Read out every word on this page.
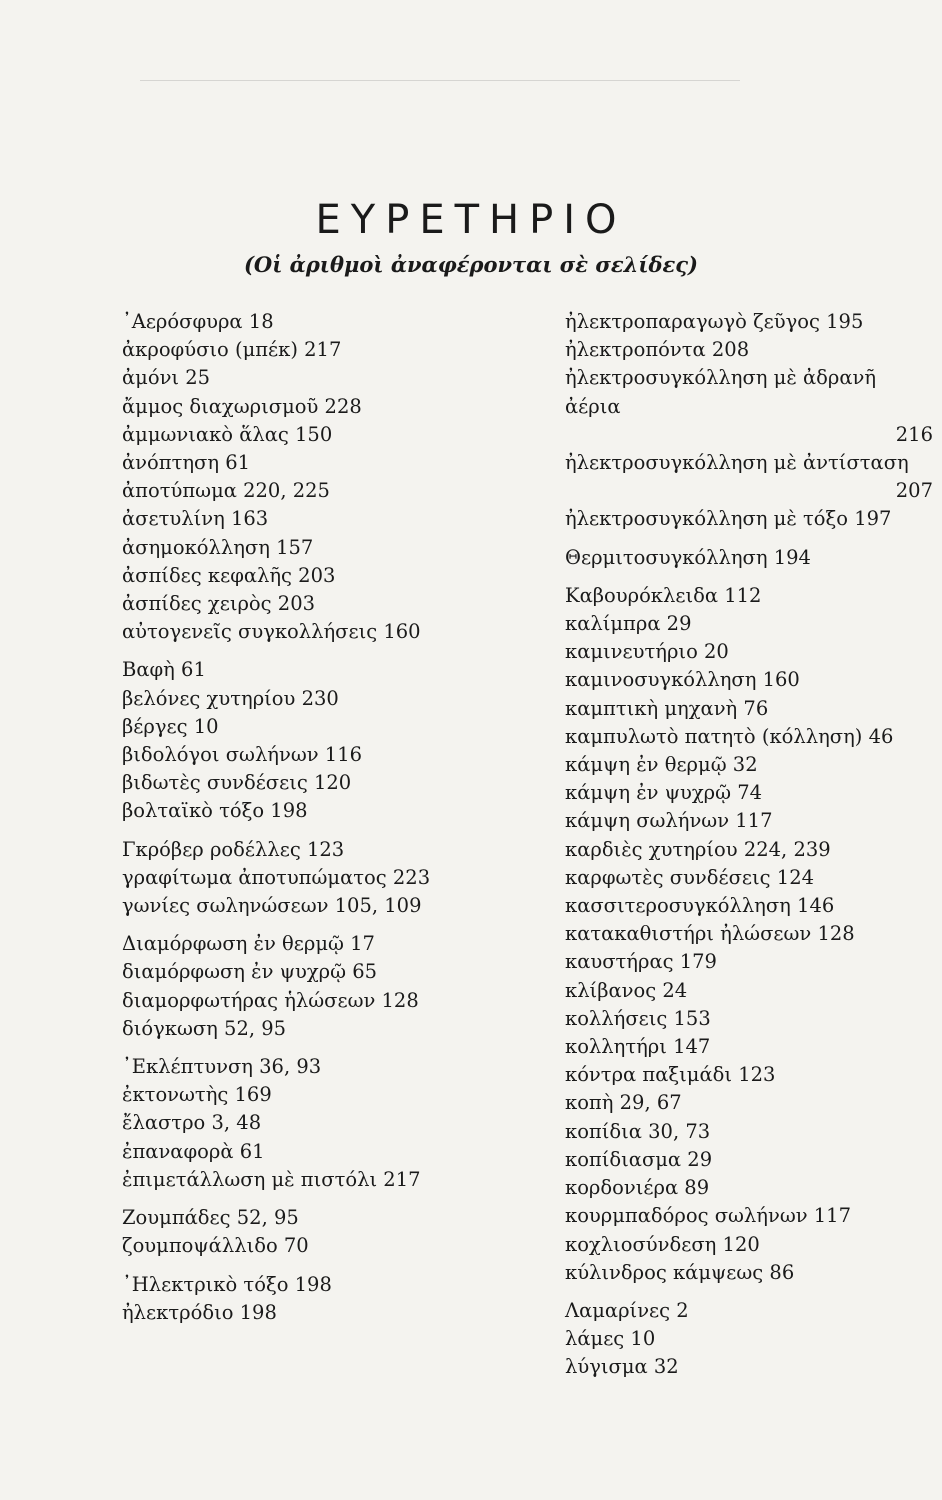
ΕΥΡΕΤΗΡΙΟ
(Οἱ ἀριθμοὶ ἀναφέρονται σὲ σελίδες)
᾿Αερόσφυρα 18
ἀκροφύσιο (μπέκ) 217
ἀμόνι 25
ἄμμος διαχωρισμοῦ 228
ἀμμωνιακὸ ἅλας 150
ἀνόπτηση 61
ἀποτύπωμα 220, 225
ἀσετυλίνη 163
ἀσημοκόλληση 157
ἀσπίδες κεφαλῆς 203
ἀσπίδες χειρὸς 203
αὐτογενεῖς συγκολλήσεις 160
Βαφὴ 61
βελόνες χυτηρίου 230
βέργες 10
βιδολόγοι σωλήνων 116
βιδωτὲς συνδέσεις 120
βολταϊκὸ τόξο 198
Γκρόβερ ροδέλλες 123
γραφίτωμα ἀποτυπώματος 223
γωνίες σωληνώσεων 105, 109
Διαμόρφωση ἐν θερμῷ 17
διαμόρφωση ἐν ψυχρῷ 65
διαμορφωτήρας ἡλώσεων 128
διόγκωση 52, 95
᾿Εκλέπτυνση 36, 93
ἐκτονωτὴς 169
ἔλαστρο 3, 48
ἐπαναφορὰ 61
ἐπιμετάλλωση μὲ πιστόλι 217
Ζουμπάδες 52, 95
ζουμποψάλλιδο 70
᾿Ηλεκτρικὸ τόξο 198
ἠλεκτρόδιο 198
ἠλεκτροπαραγωγὸ ζεῦγος 195
ἠλεκτροπόντα 208
ἠλεκτροσυγκόλληση μὲ ἀδρανῆ ἀέρια
216
ἠλεκτροσυγκόλληση μὲ ἀντίσταση
207
ἠλεκτροσυγκόλληση μὲ τόξο 197
Θερμιτοσυγκόλληση 194
Καβουρόκλειδα 112
καλίμπρα 29
καμινευτήριο 20
καμινοσυγκόλληση 160
καμπτικὴ μηχανὴ 76
καμπυλωτὸ πατητὸ (κόλληση) 46
κάμψη ἐν θερμῷ 32
κάμψη ἐν ψυχρῷ 74
κάμψη σωλήνων 117
καρδιὲς χυτηρίου 224, 239
καρφωτὲς συνδέσεις 124
κασσιτεροσυγκόλληση 146
κατακαθιστήρι ἠλώσεων 128
καυστήρας 179
κλίβανος 24
κολλήσεις 153
κολλητήρι 147
κόντρα παξιμάδι 123
κοπὴ 29, 67
κοπίδια 30, 73
κοπίδιασμα 29
κορδονιέρα 89
κουρμπαδόρος σωλήνων 117
κοχλιοσύνδεση 120
κύλινδρος κάμψεως 86
Λαμαρίνες 2
λάμες 10
λύγισμα 32
